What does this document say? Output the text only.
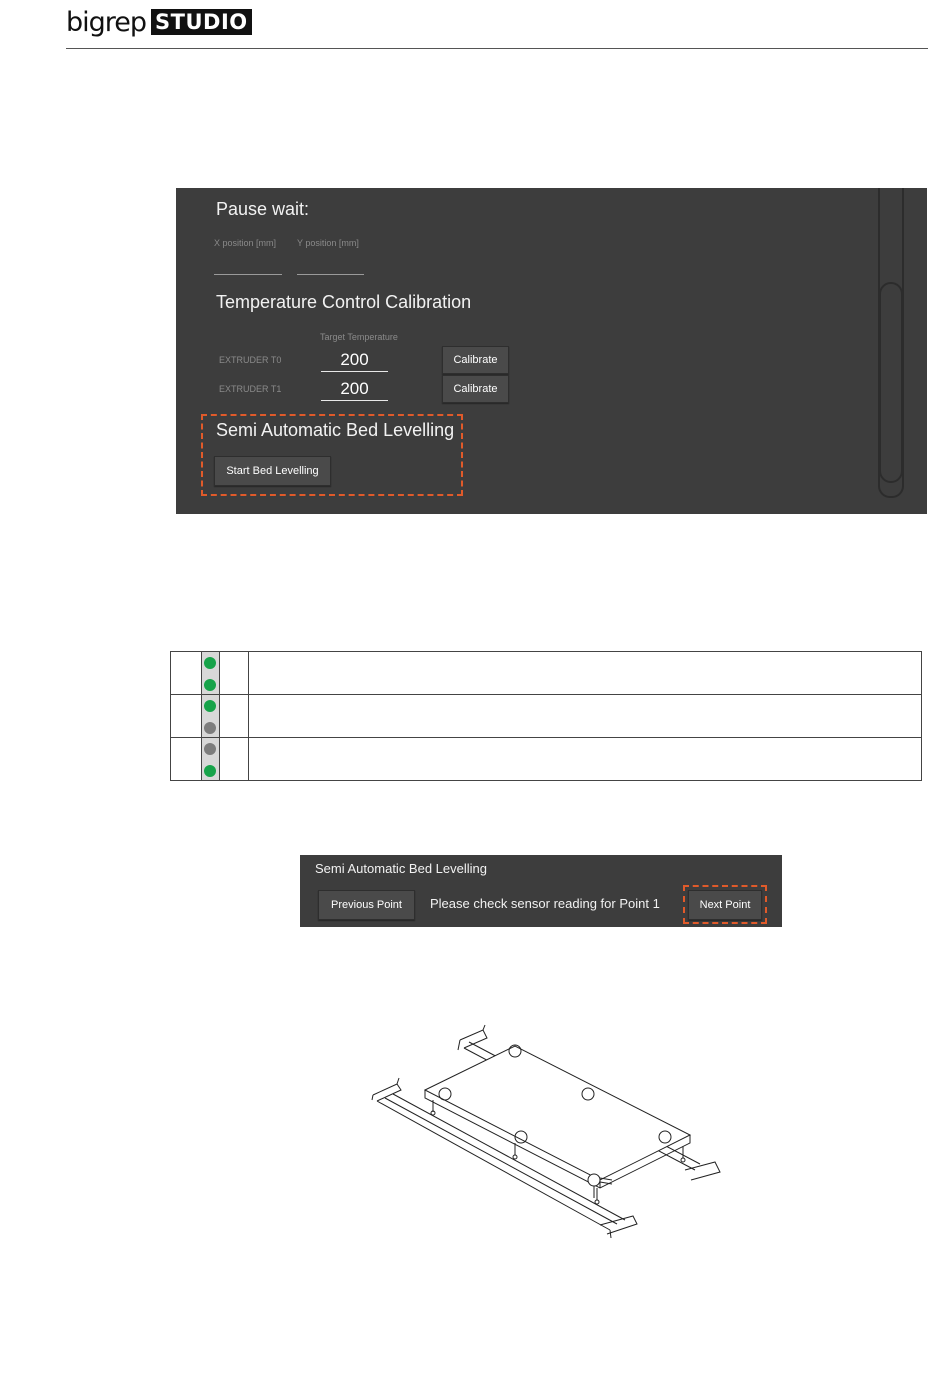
bigrep STUDIO
Pause wait:
X position [mm] Y position [mm]
Temperature Control Calibration
Target Temperature
EXTRUDER T0	200	Calibrate
EXTRUDER T1	200	Calibrate
Semi Automatic Bed Levelling
Start Bed Levelling

Semi Automatic Bed Levelling
Previous Point	Please check sensor reading for Point 1	Next Point
